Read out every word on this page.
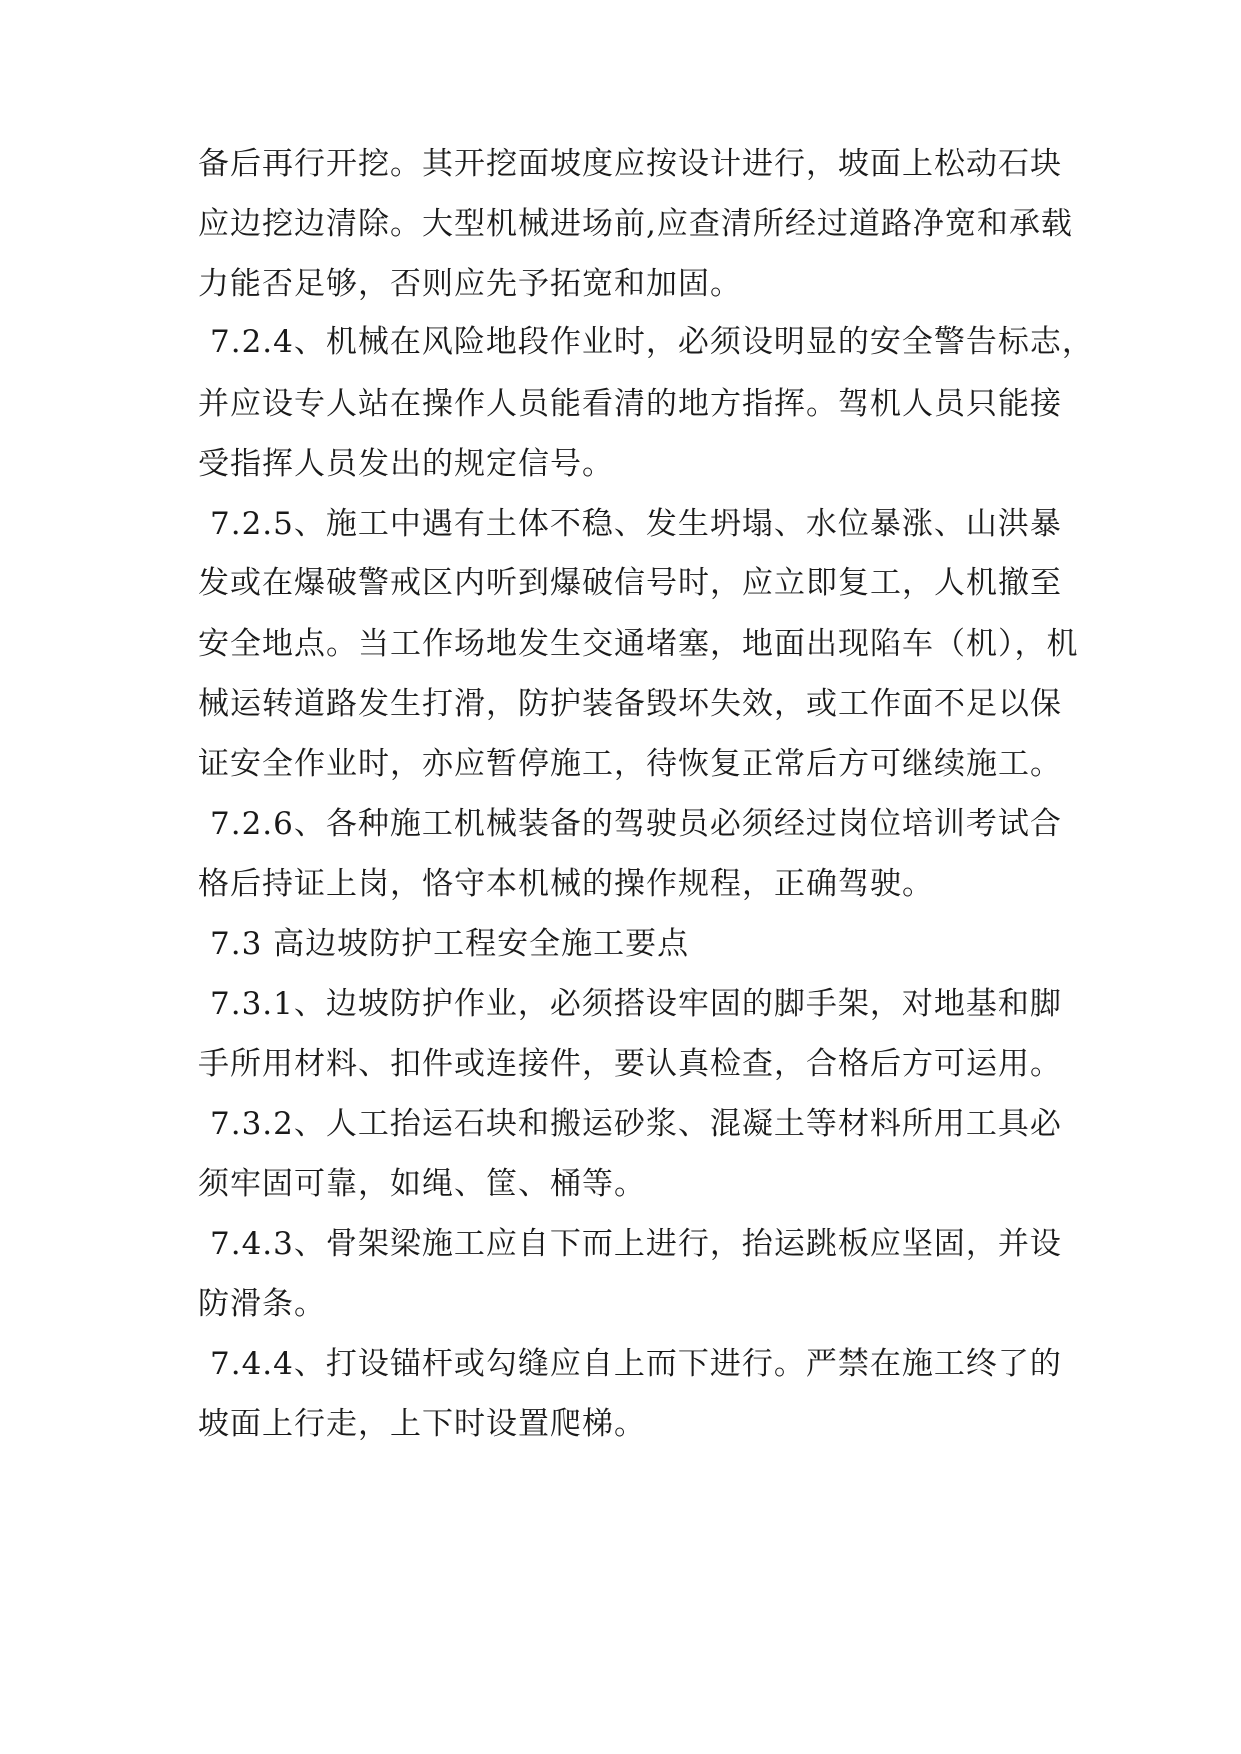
备后再行开挖。其开挖面坡度应按设计进行，坡面上松动石块
应边挖边清除。大型机械进场前,应查清所经过道路净宽和承载
力能否足够，否则应先予拓宽和加固。
7.2.4、机械在风险地段作业时，必须设明显的安全警告标志，
并应设专人站在操作人员能看清的地方指挥。驾机人员只能接
受指挥人员发出的规定信号。
7.2.5、施工中遇有土体不稳、发生坍塌、水位暴涨、山洪暴
发或在爆破警戒区内听到爆破信号时，应立即复工，人机撤至
安全地点。当工作场地发生交通堵塞，地面出现陷车（机），机
械运转道路发生打滑，防护装备毁坏失效，或工作面不足以保
证安全作业时，亦应暂停施工，待恢复正常后方可继续施工。
7.2.6、各种施工机械装备的驾驶员必须经过岗位培训考试合
格后持证上岗，恪守本机械的操作规程，正确驾驶。
7.3 高边坡防护工程安全施工要点
7.3.1、边坡防护作业，必须搭设牢固的脚手架，对地基和脚
手所用材料、扣件或连接件，要认真检查，合格后方可运用。
7.3.2、人工抬运石块和搬运砂浆、混凝土等材料所用工具必
须牢固可靠，如绳、筐、桶等。
7.4.3、骨架梁施工应自下而上进行，抬运跳板应坚固，并设
防滑条。
7.4.4、打设锚杆或勾缝应自上而下进行。严禁在施工终了的
坡面上行走，上下时设置爬梯。
